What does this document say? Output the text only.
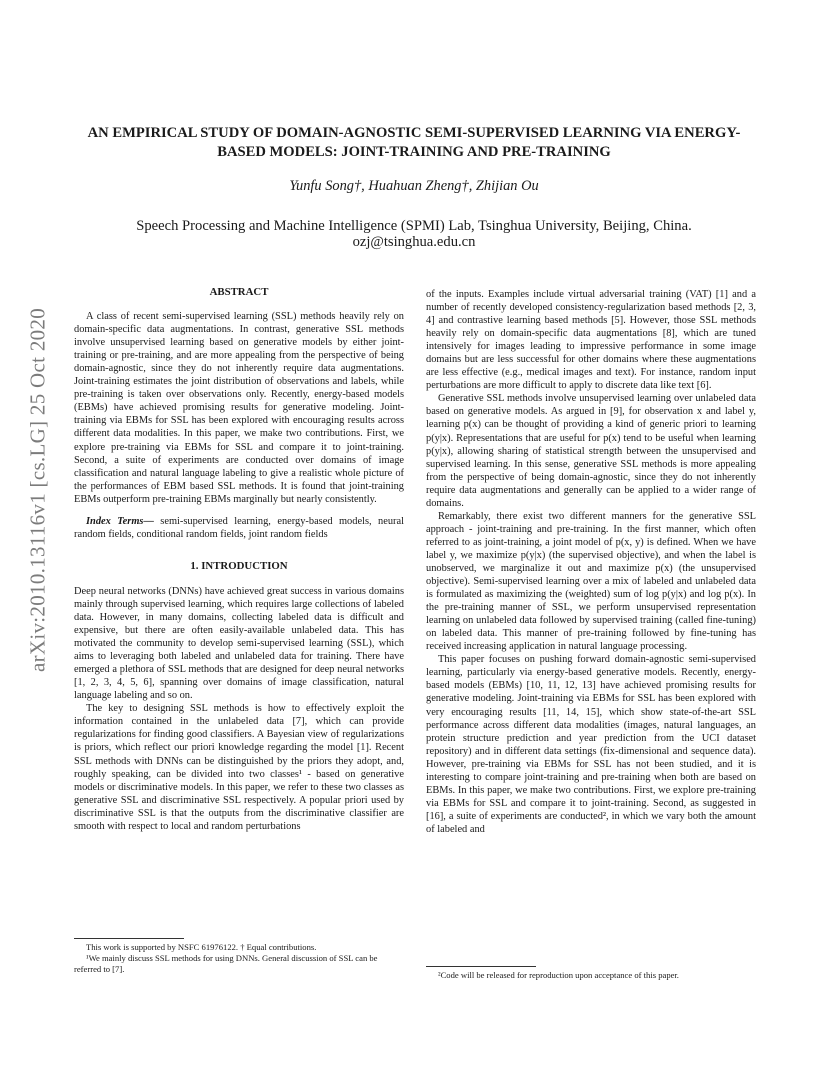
arXiv:2010.13116v1 [cs.LG] 25 Oct 2020
AN EMPIRICAL STUDY OF DOMAIN-AGNOSTIC SEMI-SUPERVISED LEARNING VIA ENERGY-BASED MODELS: JOINT-TRAINING AND PRE-TRAINING
Yunfu Song†, Huahuan Zheng†, Zhijian Ou
Speech Processing and Machine Intelligence (SPMI) Lab, Tsinghua University, Beijing, China.
ozj@tsinghua.edu.cn
ABSTRACT

A class of recent semi-supervised learning (SSL) methods heavily rely on domain-specific data augmentations. In contrast, generative SSL methods involve unsupervised learning based on generative models by either joint-training or pre-training, and are more appealing from the perspective of being domain-agnostic, since they do not inherently require data augmentations. Joint-training estimates the joint distribution of observations and labels, while pre-training is taken over observations only. Recently, energy-based models (EBMs) have achieved promising results for generative modeling. Joint-training via EBMs for SSL has been explored with encouraging results across different data modalities. In this paper, we make two contributions. First, we explore pre-training via EBMs for SSL and compare it to joint-training. Second, a suite of experiments are conducted over domains of image classification and natural language labeling to give a realistic whole picture of the performances of EBM based SSL methods. It is found that joint-training EBMs outperform pre-training EBMs marginally but nearly consistently.

Index Terms— semi-supervised learning, energy-based models, neural random fields, conditional random fields, joint random fields

1. INTRODUCTION

Deep neural networks (DNNs) have achieved great success in various domains mainly through supervised learning, which requires large collections of labeled data. However, in many domains, collecting labeled data is difficult and expensive, but there are often easily-available unlabeled data. This has motivated the community to develop semi-supervised learning (SSL), which aims to leveraging both labeled and unlabeled data for training. There have emerged a plethora of SSL methods that are designed for deep neural networks [1, 2, 3, 4, 5, 6], spanning over domains of image classification, natural language labeling and so on.

The key to designing SSL methods is how to effectively exploit the information contained in the unlabeled data [7], which can provide regularizations for finding good classifiers. A Bayesian view of regularizations is priors, which reflect our priori knowledge regarding the model [1]. Recent SSL methods with DNNs can be distinguished by the priors they adopt, and, roughly speaking, can be divided into two classes¹ - based on generative models or discriminative models. In this paper, we refer to these two classes as generative SSL and discriminative SSL respectively. A popular priori used by discriminative SSL is that the outputs from the discriminative classifier are smooth with respect to local and random perturbations

of the inputs. Examples include virtual adversarial training (VAT) [1] and a number of recently developed consistency-regularization based methods [2, 3, 4] and contrastive learning based methods [5]. However, those SSL methods heavily rely on domain-specific data augmentations [8], which are tuned intensively for images leading to impressive performance in some image domains but are less successful for other domains where these augmentations are less effective (e.g., medical images and text). For instance, random input perturbations are more difficult to apply to discrete data like text [6].

Generative SSL methods involve unsupervised learning over unlabeled data based on generative models. As argued in [9], for observation x and label y, learning p(x) can be thought of providing a kind of generic priori to learning p(y|x). Representations that are useful for p(x) tend to be useful when learning p(y|x), allowing sharing of statistical strength between the unsupervised and supervised learning. In this sense, generative SSL methods is more appealing from the perspective of being domain-agnostic, since they do not inherently require data augmentations and generally can be applied to a wider range of domains.

Remarkably, there exist two different manners for the generative SSL approach - joint-training and pre-training. In the first manner, which often referred to as joint-training, a joint model of p(x, y) is defined. When we have label y, we maximize p(y|x) (the supervised objective), and when the label is unobserved, we marginalize it out and maximize p(x) (the unsupervised objective). Semi-supervised learning over a mix of labeled and unlabeled data is formulated as maximizing the (weighted) sum of log p(y|x) and log p(x). In the pre-training manner of SSL, we perform unsupervised representation learning on unlabeled data followed by supervised training (called fine-tuning) on labeled data. This manner of pre-training followed by fine-tuning has received increasing application in natural language processing.

This paper focuses on pushing forward domain-agnostic semi-supervised learning, particularly via energy-based generative models. Recently, energy-based models (EBMs) [10, 11, 12, 13] have achieved promising results for generative modeling. Joint-training via EBMs for SSL has been explored with very encouraging results [11, 14, 15], which show state-of-the-art SSL performance across different data modalities (images, natural languages, an protein structure prediction and year prediction from the UCI dataset repository) and in different data settings (fix-dimensional and sequence data). However, pre-training via EBMs for SSL has not been studied, and it is interesting to compare joint-training and pre-training when both are based on EBMs. In this paper, we make two contributions. First, we explore pre-training via EBMs for SSL and compare it to joint-training. Second, as suggested in [16], a suite of experiments are conducted², in which we vary both the amount of labeled and

This work is supported by NSFC 61976122. † Equal contributions.

¹We mainly discuss SSL methods for using DNNs. General discussion of SSL can be referred to [7].

²Code will be released for reproduction upon acceptance of this paper.
